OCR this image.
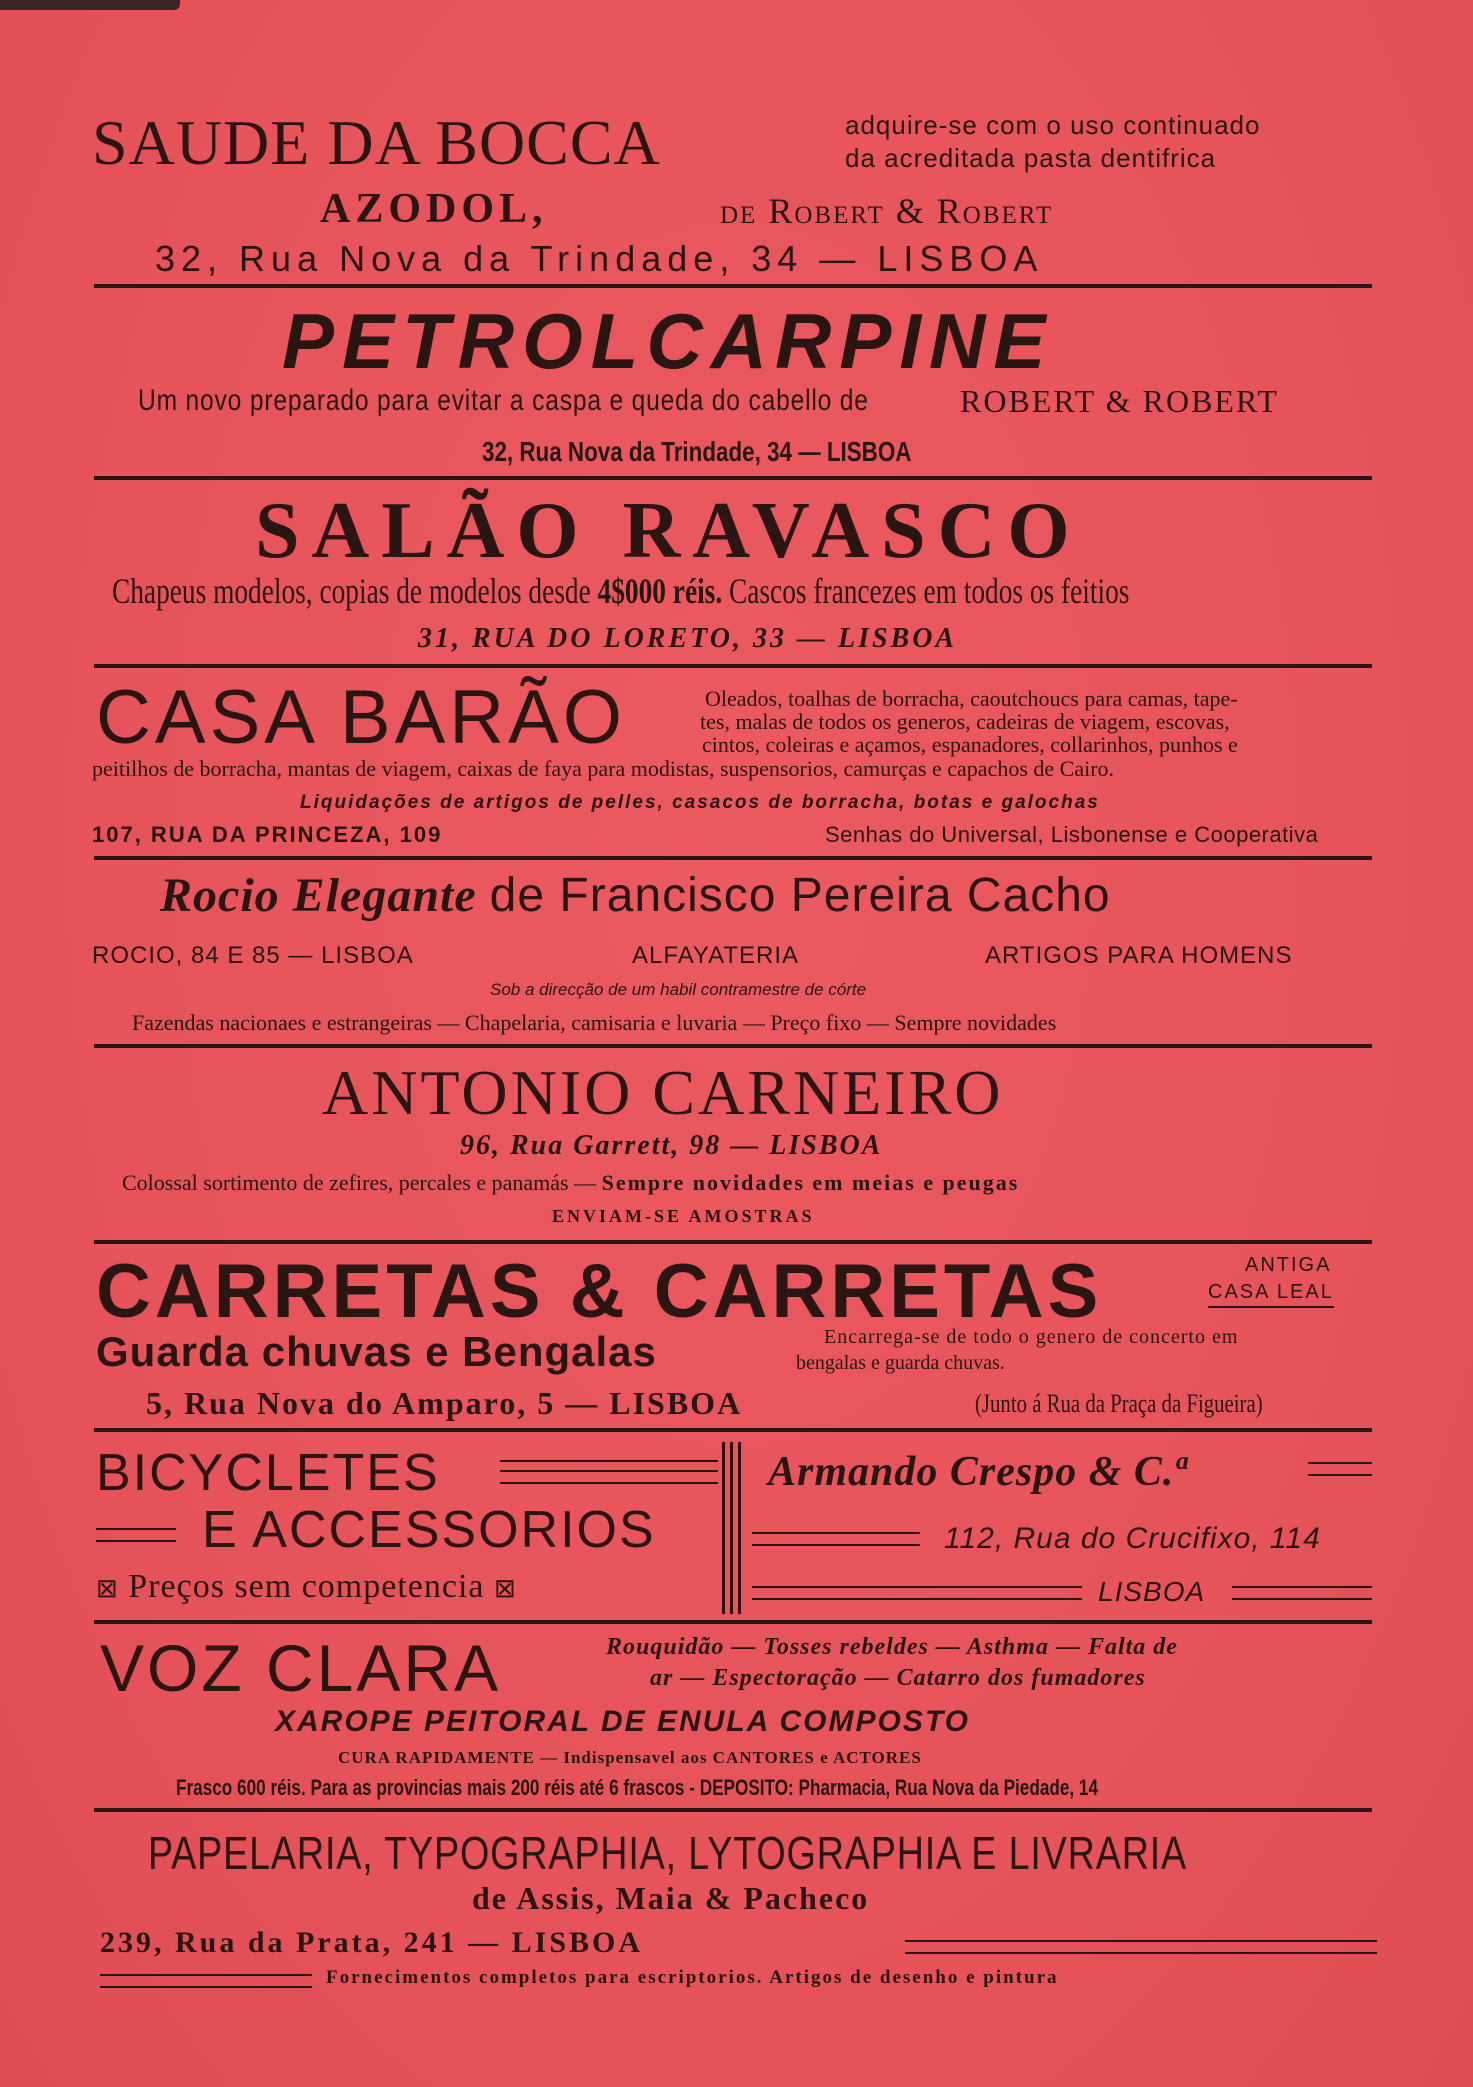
SAUDE DA BOCCA	adquire-se com o uso continuado
da acreditada pasta dentifrica
AZODOL,	de Robert & Robert
32, Rua Nova da Trindade, 34 — LISBOA
PETROLCARPINE
Um novo preparado para evitar a caspa e queda do cabello de	ROBERT & ROBERT
32, Rua Nova da Trindade, 34 — LISBOA
SALÃO RAVASCO
Chapeus modelos, copias de modelos desde 4$000 réis. Cascos francezes em todos os feitios
31, RUA DO LORETO, 33 — LISBOA
CASA BARÃO	Oleados, toalhas de borracha, caoutchoucs para camas, tape-
tes, malas de todos os generos, cadeiras de viagem, escovas,
cintos, coleiras e açamos, espanadores, collarinhos, punhos e
peitilhos de borracha, mantas de viagem, caixas de faya para modistas, suspensorios, camurças e capachos de Cairo.
Liquidações de artigos de pelles, casacos de borracha, botas e galochas
107, RUA DA PRINCEZA, 109	Senhas do Universal, Lisbonense e Cooperativa
Rocio Elegante de Francisco Pereira Cacho
ROCIO, 84 E 85 — LISBOA	ALFAYATERIA	ARTIGOS PARA HOMENS
Sob a direcção de um habil contramestre de córte
Fazendas nacionaes e estrangeiras — Chapelaria, camisaria e luvaria — Preço fixo — Sempre novidades
ANTONIO CARNEIRO
96, Rua Garrett, 98 — LISBOA
Colossal sortimento de zefires, percales e panamás — Sempre novidades em meias e peugas
ENVIAM-SE AMOSTRAS
CARRETAS & CARRETAS	ANTIGA
CASA LEAL
Guarda chuvas e Bengalas	Encarrega-se de todo o genero de concerto em
bengalas e guarda chuvas.
5, Rua Nova do Amparo, 5 — LISBOA	(Junto á Rua da Praça da Figueira)
BICYCLETES
E ACCESSORIOS
⊠ Preços sem competencia ⊠
Armando Crespo & C.ª
112, Rua do Crucifixo, 114
LISBOA
VOZ CLARA	Rouquidão — Tosses rebeldes — Asthma — Falta de
ar — Espectoração — Catarro dos fumadores
XAROPE PEITORAL DE ENULA COMPOSTO
CURA RAPIDAMENTE — Indispensavel aos CANTORES e ACTORES
Frasco 600 réis. Para as provincias mais 200 réis até 6 frascos - DEPOSITO: Pharmacia, Rua Nova da Piedade, 14
PAPELARIA, TYPOGRAPHIA, LYTOGRAPHIA E LIVRARIA
de Assis, Maia & Pacheco
239, Rua da Prata, 241 — LISBOA
Fornecimentos completos para escriptorios. Artigos de desenho e pintura
